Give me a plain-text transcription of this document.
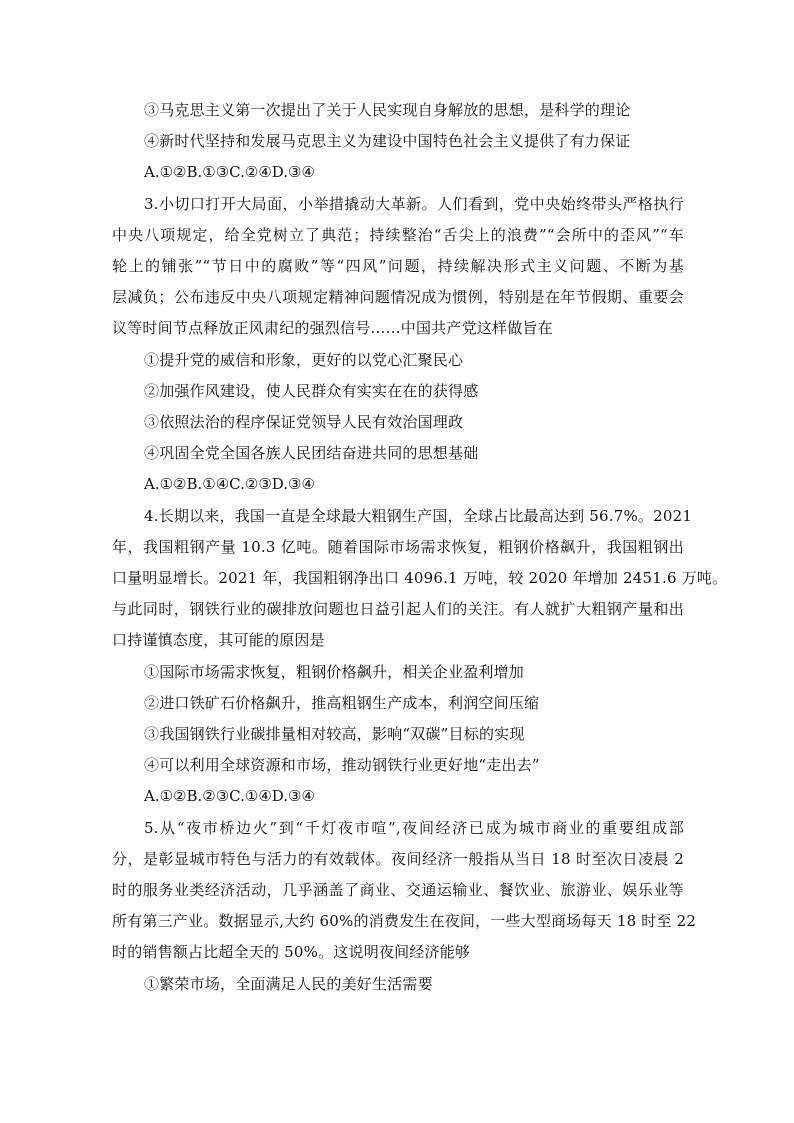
③马克思主义第一次提出了关于人民实现自身解放的思想，是科学的理论
④新时代坚持和发展马克思主义为建设中国特色社会主义提供了有力保证
A.①②B.①③C.②④D.③④
3.小切口打开大局面，小举措撬动大革新。人们看到，党中央始终带头严格执行
中央八项规定，给全党树立了典范；持续整治“舌尖上的浪费”“会所中的歪风”“车
轮上的铺张”“节日中的腐败”等“四风”问题，持续解决形式主义问题、不断为基
层减负；公布违反中央八项规定精神问题情况成为惯例，特别是在年节假期、重要会
议等时间节点释放正风肃纪的强烈信号……中国共产党这样做旨在
①提升党的威信和形象，更好的以党心汇聚民心
②加强作风建设，使人民群众有实实在在的获得感
③依照法治的程序保证党领导人民有效治国理政
④巩固全党全国各族人民团结奋进共同的思想基础
A.①②B.①④C.②③D.③④
4.长期以来，我国一直是全球最大粗钢生产国，全球占比最高达到 56.7%。2021
年，我国粗钢产量 10.3 亿吨。随着国际市场需求恢复，粗钢价格飙升，我国粗钢出
口量明显增长。2021 年，我国粗钢净出口 4096.1 万吨，较 2020 年增加 2451.6 万吨。
与此同时，钢铁行业的碳排放问题也日益引起人们的关注。有人就扩大粗钢产量和出
口持谨慎态度，其可能的原因是
①国际市场需求恢复，粗钢价格飙升，相关企业盈利增加
②进口铁矿石价格飙升，推高粗钢生产成本，利润空间压缩
③我国钢铁行业碳排量相对较高，影响“双碳”目标的实现
④可以利用全球资源和市场，推动钢铁行业更好地“走出去”
A.①②B.②③C.①④D.③④
5.从“夜市桥边火”到“千灯夜市喧”,夜间经济已成为城市商业的重要组成部
分，是彰显城市特色与活力的有效载体。夜间经济一般指从当日 18 时至次日凌晨 2
时的服务业类经济活动，几乎涵盖了商业、交通运输业、餐饮业、旅游业、娱乐业等
所有第三产业。数据显示,大约 60%的消费发生在夜间，一些大型商场每天 18 时至 22
时的销售额占比超全天的 50%。这说明夜间经济能够
①繁荣市场，全面满足人民的美好生活需要
